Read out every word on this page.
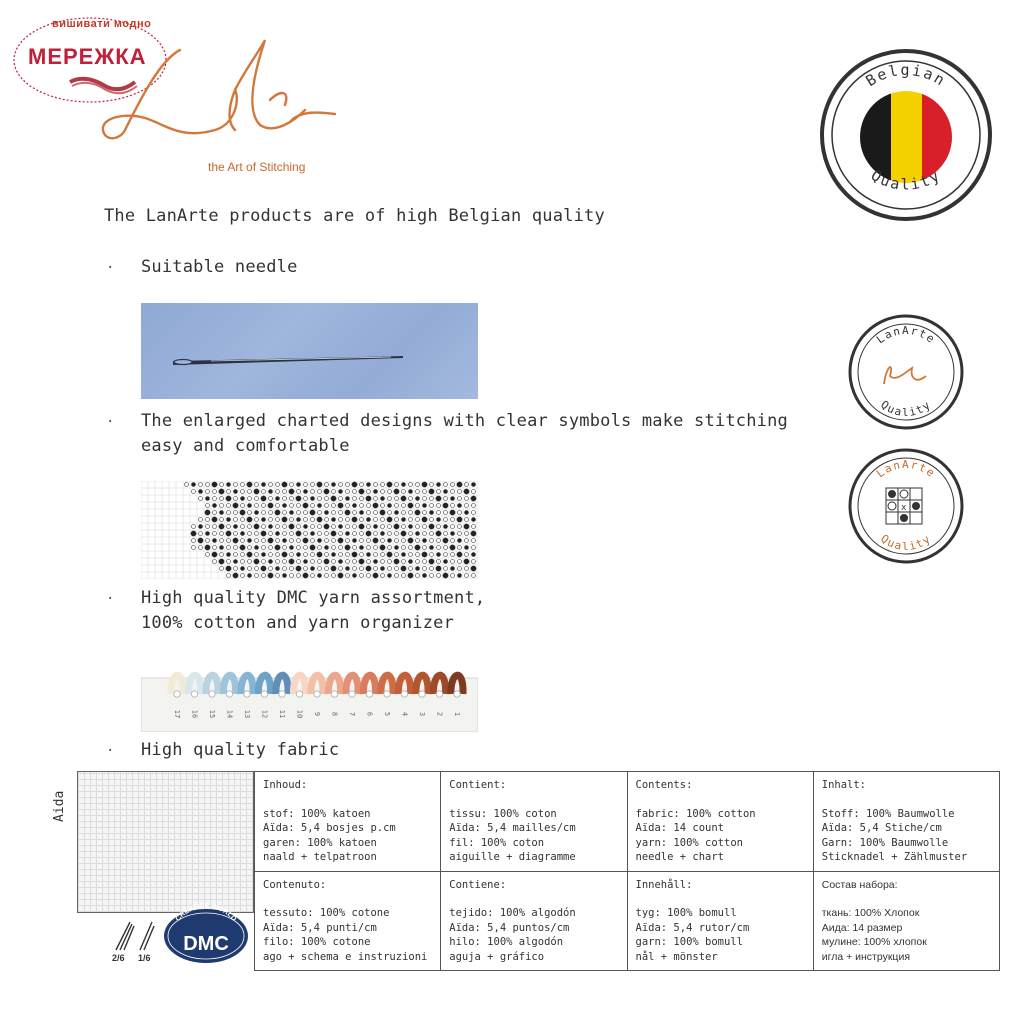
вишивати модно
МЕРЕЖКА
the Art of Stitching
Belgian
Quality
LanArte
Quality
x
LanArte
Quality
The LanArte products are of high Belgian quality
· Suitable needle
· The enlarged charted designs with clear symbols make stitching
easy and comfortable
· High quality DMC yarn assortment,
100% cotton and yarn organizer
17 16 15 14 13 12 11 10 9 8 7 6 5 4 3 2 1
· High quality fabric
Aida
2/6 1/6
CREATIVE WORLD
DMC
Inhoud:
stof: 100% katoen
Aïda: 5,4 bosjes p.cm
garen: 100% katoen
naald + telpatroon	Contient:
tissu: 100% coton
Aïda: 5,4 mailles/cm
fil: 100% coton
aiguille + diagramme	Contents:
fabric: 100% cotton
Aïda: 14 count
yarn: 100% cotton
needle + chart	Inhalt:
Stoff: 100% Baumwolle
Aïda: 5,4 Stiche/cm
Garn: 100% Baumwolle
Sticknadel + Zählmuster

Contenuto:
tessuto: 100% cotone
Aïda: 5,4 punti/cm
filo: 100% cotone
ago + schema e instruzioni	Contiene:
tejido: 100% algodón
Aïda: 5,4 puntos/cm
hilo: 100% algodón
aguja + gráfico	Innehåll:
tyg: 100% bomull
Aïda: 5,4 rutor/cm
garn: 100% bomull
nål + mönster	Состав набора:
ткань: 100% Хлопок
Аида: 14 размер
мулине: 100% хлопок
игла + инструкция
